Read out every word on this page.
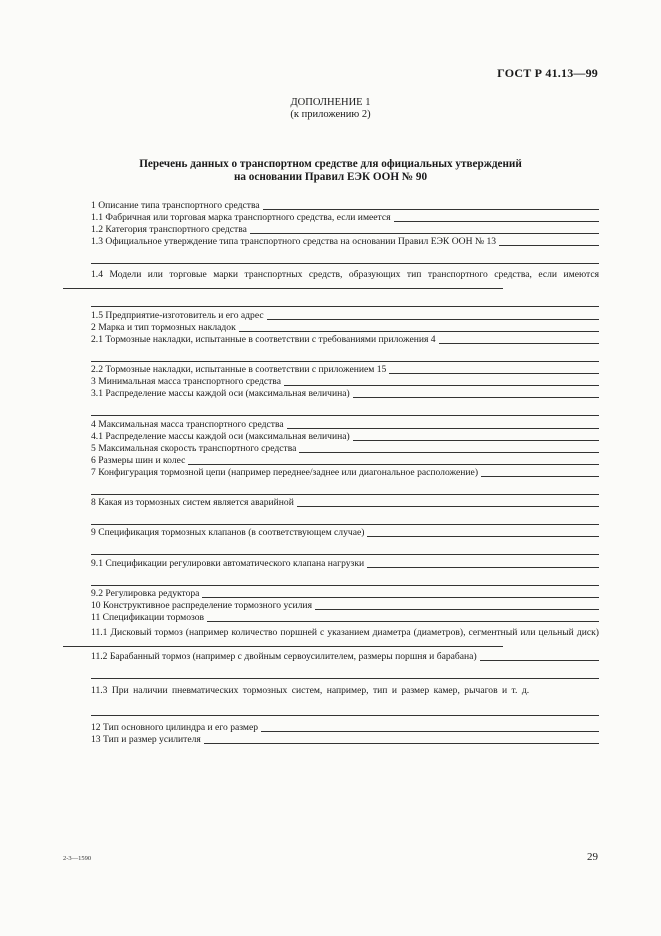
ГОСТ Р 41.13—99
ДОПОЛНЕНИЕ 1
(к приложению 2)
Перечень данных о транспортном средстве для официальных утверждений
на основании Правил ЕЭК ООН № 90
1 Описание типа транспортного средства
1.1 Фабричная или торговая марка транспортного средства, если имеется
1.2 Категория транспортного средства
1.3 Официальное утверждение типа транспортного средства на основании Правил ЕЭК ООН № 13
1.4 Модели или торговые марки транспортных средств, образующих тип транспортного средства, если имеются
1.5 Предприятие-изготовитель и его адрес
2 Марка и тип тормозных накладок
2.1 Тормозные накладки, испытанные в соответствии с требованиями приложения 4
2.2 Тормозные накладки, испытанные в соответствии с приложением 15
3 Минимальная масса транспортного средства
3.1 Распределение массы каждой оси (максимальная величина)
4 Максимальная масса транспортного средства
4.1 Распределение массы каждой оси (максимальная величина)
5 Максимальная скорость транспортного средства
6 Размеры шин и колес
7 Конфигурация тормозной цепи (например переднее/заднее или диагональное расположение)
8 Какая из тормозных систем является аварийной
9 Спецификация тормозных клапанов (в соответствующем случае)
9.1 Спецификации регулировки автоматического клапана нагрузки
9.2 Регулировка редуктора
10 Конструктивное распределение тормозного усилия
11 Спецификации тормозов
11.1 Дисковый тормоз (например количество поршней с указанием диаметра (диаметров), сегментный или цельный диск)
11.2 Барабанный тормоз (например с двойным сервоусилителем, размеры поршня и барабана)
11.3 При наличии пневматических тормозных систем, например, тип и размер камер, рычагов и т. д.
12 Тип основного цилиндра и его размер
13 Тип и размер усилителя
2-3—1590	29
